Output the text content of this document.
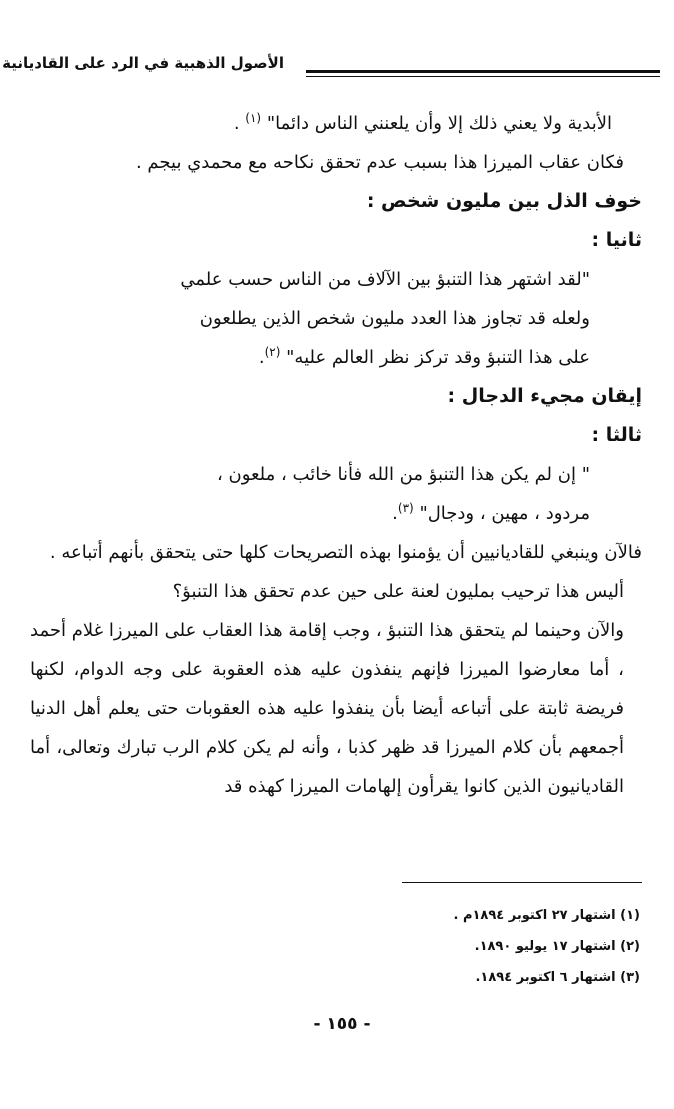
الأصول الذهبية في الرد على القاديانية

الأبدية ولا يعني ذلك إلا وأن يلعنني الناس دائما" $^{(١)}$ .

فكان عقاب الميرزا هذا بسبب عدم تحقق نكاحه مع محمدي بيجم .

خوف الذل بين مليون شخص :

ثانيا :

"لقد اشتهر هذا التنبؤ بين الآلاف من الناس حسب علمي

ولعله قد تجاوز هذا العدد مليون شخص الذين يطلعون

على هذا التنبؤ وقد تركز نظر العالم عليه" $^{(٢)}$.

إيقان مجيء الدجال :

ثالثا :

" إن لم يكن هذا التنبؤ من الله فأنا خائب ، ملعون ،

مردود ، مهين ، ودجال" $^{(٣)}$.

فالآن وينبغي للقاديانيين أن يؤمنوا بهذه التصريحات كلها حتى يتحقق بأنهم أتباعه .

أليس هذا ترحيب بمليون لعنة على حين عدم تحقق هذا التنبؤ؟

والآن وحينما لم يتحقق هذا التنبؤ ، وجب إقامة هذا العقاب على الميرزا غلام أحمد ، أما معارضوا الميرزا فإنهم ينفذون عليه هذه العقوبة على وجه الدوام، لكنها فريضة ثابتة على أتباعه أيضا بأن ينفذوا عليه هذه العقوبات حتى يعلم أهل الدنيا أجمعهم بأن كلام الميرزا قد ظهر كذبا ، وأنه لم يكن كلام الرب تبارك وتعالى، أما القاديانيون الذين كانوا يقرأون إلهامات الميرزا كهذه قد

(١) اشتهار ٢٧ اكتوبر ١٨٩٤م .

(٢) اشتهار ١٧ يوليو ١٨٩٠.

(٣) اشتهار ٦ اكتوبر ١٨٩٤.

- ١٥٥ -
